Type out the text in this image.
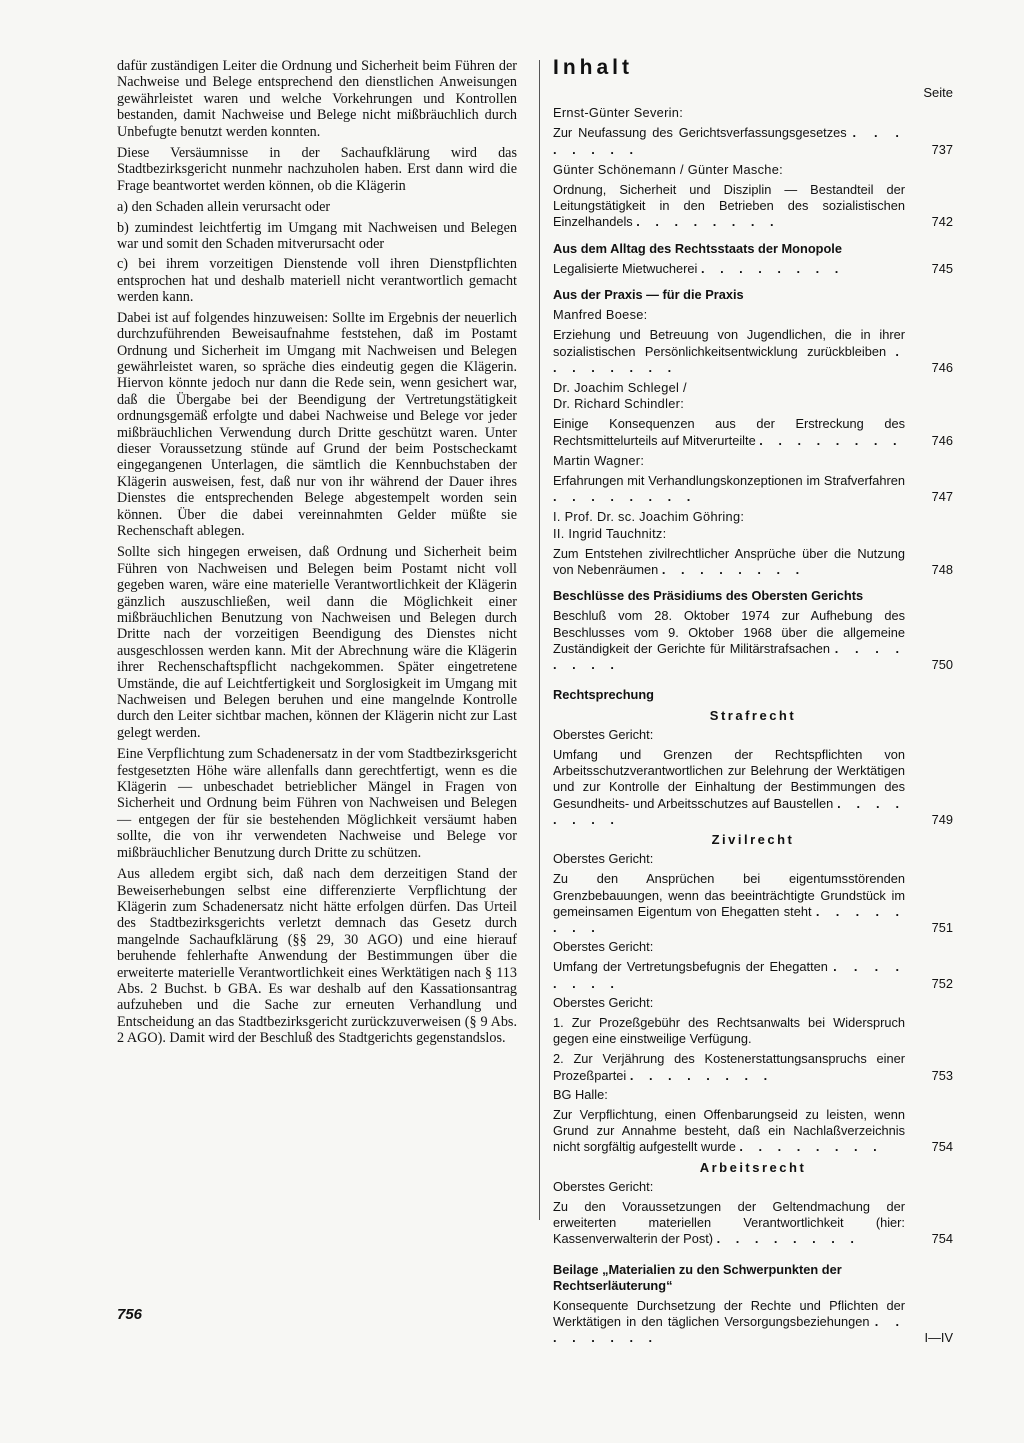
dafür zuständigen Leiter die Ordnung und Sicherheit beim Führen der Nachweise und Belege entsprechend den dienstlichen Anweisungen gewährleistet waren und welche Vorkehrungen und Kontrollen bestanden, damit Nachweise und Belege nicht mißbräuchlich durch Unbefugte benutzt werden konnten.

Diese Versäumnisse in der Sachaufklärung wird das Stadtbezirksgericht nunmehr nachzuholen haben. Erst dann wird die Frage beantwortet werden können, ob die Klägerin

a) den Schaden allein verursacht oder

b) zumindest leichtfertig im Umgang mit Nachweisen und Belegen war und somit den Schaden mitverursacht oder

c) bei ihrem vorzeitigen Dienstende voll ihren Dienstpflichten entsprochen hat und deshalb materiell nicht verantwortlich gemacht werden kann.

Dabei ist auf folgendes hinzuweisen: Sollte im Ergebnis der neuerlich durchzuführenden Beweisaufnahme feststehen, daß im Postamt Ordnung und Sicherheit im Umgang mit Nachweisen und Belegen gewährleistet waren, so spräche dies eindeutig gegen die Klägerin. Hiervon könnte jedoch nur dann die Rede sein, wenn gesichert war, daß die Übergabe bei der Beendigung der Vertretungstätigkeit ordnungsgemäß erfolgte und dabei Nachweise und Belege vor jeder mißbräuchlichen Verwendung durch Dritte geschützt waren. Unter dieser Voraussetzung stünde auf Grund der beim Postscheckamt eingegangenen Unterlagen, die sämtlich die Kennbuchstaben der Klägerin ausweisen, fest, daß nur von ihr während der Dauer ihres Dienstes die entsprechenden Belege abgestempelt worden sein können. Über die dabei vereinnahmten Gelder müßte sie Rechenschaft ablegen.

Sollte sich hingegen erweisen, daß Ordnung und Sicherheit beim Führen von Nachweisen und Belegen beim Postamt nicht voll gegeben waren, wäre eine materielle Verantwortlichkeit der Klägerin gänzlich auszuschließen, weil dann die Möglichkeit einer mißbräuchlichen Benutzung von Nachweisen und Belegen durch Dritte nach der vorzeitigen Beendigung des Dienstes nicht ausgeschlossen werden kann. Mit der Abrechnung wäre die Klägerin ihrer Rechenschaftspflicht nachgekommen. Später eingetretene Umstände, die auf Leichtfertigkeit und Sorglosigkeit im Umgang mit Nachweisen und Belegen beruhen und eine mangelnde Kontrolle durch den Leiter sichtbar machen, können der Klägerin nicht zur Last gelegt werden.

Eine Verpflichtung zum Schadenersatz in der vom Stadtbezirksgericht festgesetzten Höhe wäre allenfalls dann gerechtfertigt, wenn es die Klägerin — unbeschadet betrieblicher Mängel in Fragen von Sicherheit und Ordnung beim Führen von Nachweisen und Belegen — entgegen der für sie bestehenden Möglichkeit versäumt haben sollte, die von ihr verwendeten Nachweise und Belege vor mißbräuchlicher Benutzung durch Dritte zu schützen.

Aus alledem ergibt sich, daß nach dem derzeitigen Stand der Beweiserhebungen selbst eine differenzierte Verpflichtung der Klägerin zum Schadenersatz nicht hätte erfolgen dürfen. Das Urteil des Stadtbezirksgerichts verletzt demnach das Gesetz durch mangelnde Sachaufklärung (§§ 29, 30 AGO) und eine hierauf beruhende fehlerhafte Anwendung der Bestimmungen über die erweiterte materielle Verantwortlichkeit eines Werktätigen nach § 113 Abs. 2 Buchst. b GBA. Es war deshalb auf den Kassationsantrag aufzuheben und die Sache zur erneuten Verhandlung und Entscheidung an das Stadtbezirksgericht zurückzuverweisen (§ 9 Abs. 2 AGO). Damit wird der Beschluß des Stadtgerichts gegenstandslos.

756
Inhalt
Seite
Ernst-Günter Severin:
Zur Neufassung des Gerichtsverfassungsgesetzes . . . . . . . .	737
Günter Schönemann / Günter Masche:
Ordnung, Sicherheit und Disziplin — Bestandteil der Leitungstätigkeit in den Betrieben des sozialistischen Einzelhandels . . . . . . . .	742
Aus dem Alltag des Rechtsstaats der Monopole
Legalisierte Mietwucherei . . . . . . . .	745
Aus der Praxis — für die Praxis
Manfred Boese:
Erziehung und Betreuung von Jugendlichen, die in ihrer sozialistischen Persönlichkeitsentwicklung zurückbleiben . . . . . . . .	746
Dr. Joachim Schlegel /
Dr. Richard Schindler:
Einige Konsequenzen aus der Erstreckung des Rechtsmittelurteils auf Mitverurteilte . . . . . . . .	746
Martin Wagner:
Erfahrungen mit Verhandlungskonzeptionen im Strafverfahren . . . . . . . .	747
I. Prof. Dr. sc. Joachim Göhring:
II. Ingrid Tauchnitz:
Zum Entstehen zivilrechtlicher Ansprüche über die Nutzung von Nebenräumen . . . . . . . .	748
Beschlüsse des Präsidiums des Obersten Gerichts
Beschluß vom 28. Oktober 1974 zur Aufhebung des Beschlusses vom 9. Oktober 1968 über die allgemeine Zuständigkeit der Gerichte für Militärstrafsachen . . . . . . . .	750
Rechtsprechung
Strafrecht
Oberstes Gericht:
Umfang und Grenzen der Rechtspflichten von Arbeitsschutzverantwortlichen zur Belehrung der Werktätigen und zur Kontrolle der Einhaltung der Bestimmungen des Gesundheits- und Arbeitsschutzes auf Baustellen . . . . . . . .	749
Zivilrecht
Oberstes Gericht:
Zu den Ansprüchen bei eigentumsstörenden Grenzbebauungen, wenn das beeinträchtigte Grundstück im gemeinsamen Eigentum von Ehegatten steht . . . . . . . .	751
Oberstes Gericht:
Umfang der Vertretungsbefugnis der Ehegatten . . . . . . . .	752
Oberstes Gericht:
1. Zur Prozeßgebühr des Rechtsanwalts bei Widerspruch gegen eine einstweilige Verfügung.
2. Zur Verjährung des Kostenerstattungsanspruchs einer Prozeßpartei . . . . . . . .	753
BG Halle:
Zur Verpflichtung, einen Offenbarungseid zu leisten, wenn Grund zur Annahme besteht, daß ein Nachlaßverzeichnis nicht sorgfältig aufgestellt wurde . . . . . . . .	754
Arbeitsrecht
Oberstes Gericht:
Zu den Voraussetzungen der Geltendmachung der erweiterten materiellen Verantwortlichkeit (hier: Kassenverwalterin der Post) . . . . . . . .	754
Beilage „Materialien zu den Schwerpunkten der Rechtserläuterung“
Konsequente Durchsetzung der Rechte und Pflichten der Werktätigen in den täglichen Versorgungsbeziehungen . . . . . . . .	I—IV
